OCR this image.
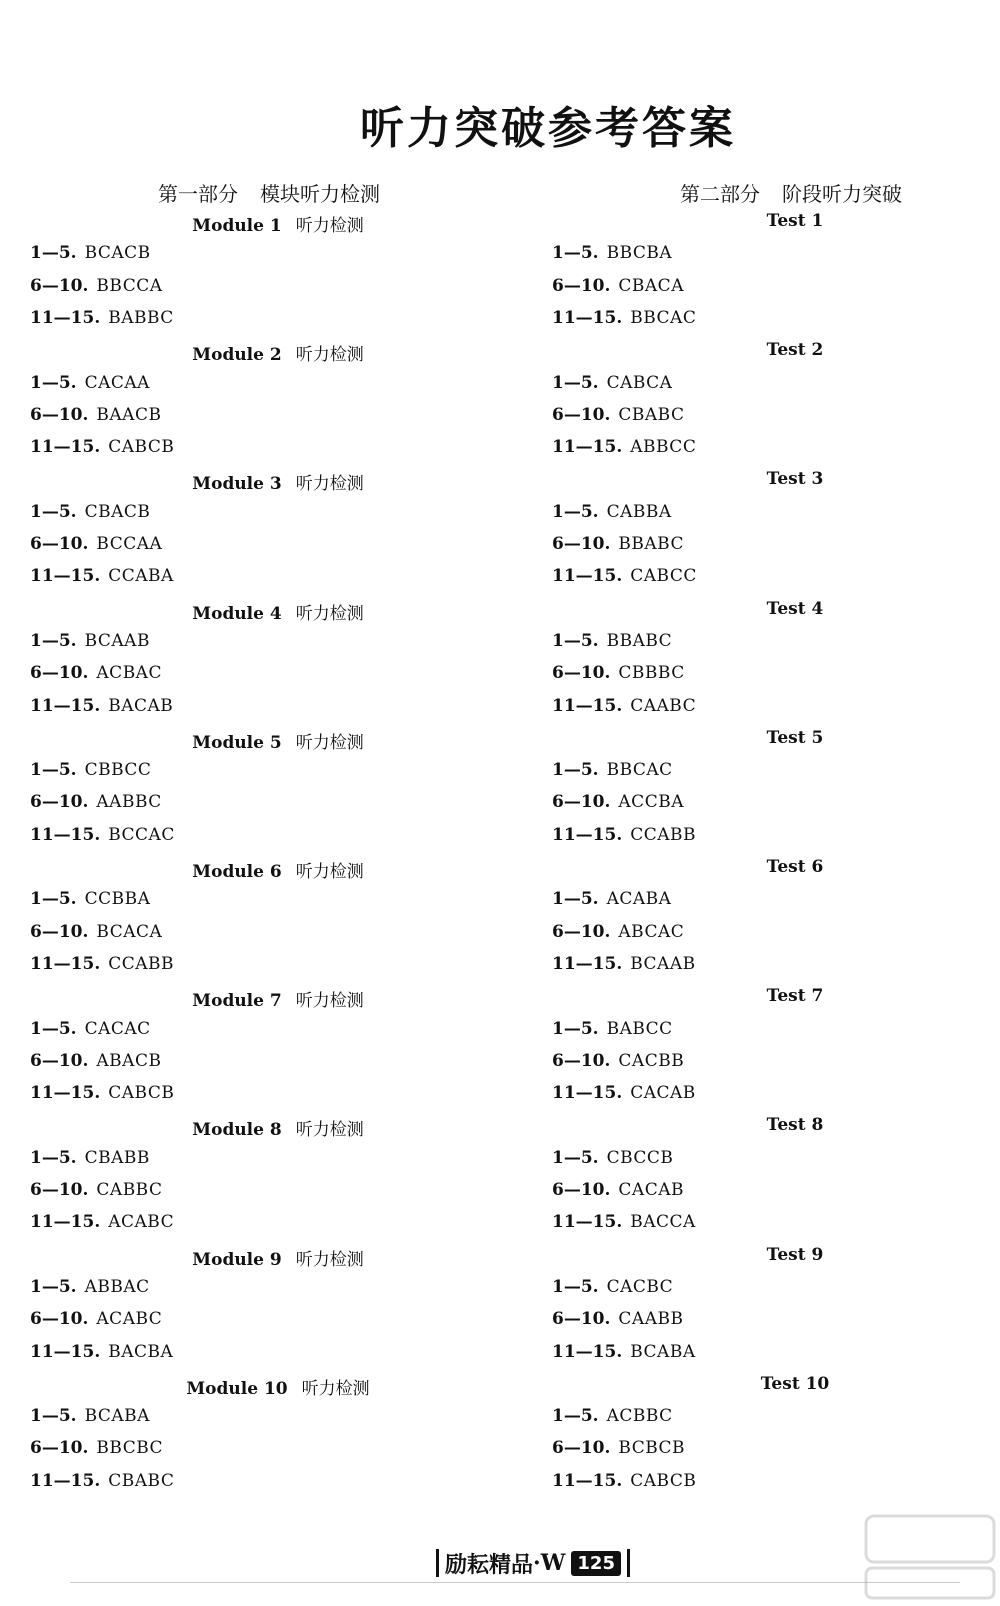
听力突破参考答案
第一部分 模块听力检测	第二部分 阶段听力突破
Module 1 听力检测
1—5. BCACB
6—10. BBCCA
11—15. BABBC
Module 2 听力检测
1—5. CACAA
6—10. BAACB
11—15. CABCB
Module 3 听力检测
1—5. CBACB
6—10. BCCAA
11—15. CCABA
Module 4 听力检测
1—5. BCAAB
6—10. ACBAC
11—15. BACAB
Module 5 听力检测
1—5. CBBCC
6—10. AABBC
11—15. BCCAC
Module 6 听力检测
1—5. CCBBA
6—10. BCACA
11—15. CCABB
Module 7 听力检测
1—5. CACAC
6—10. ABACB
11—15. CABCB
Module 8 听力检测
1—5. CBABB
6—10. CABBC
11—15. ACABC
Module 9 听力检测
1—5. ABBAC
6—10. ACABC
11—15. BACBA
Module 10 听力检测
1—5. BCABA
6—10. BBCBC
11—15. CBABC
Test 1
1—5. BBCBA
6—10. CBACA
11—15. BBCAC
Test 2
1—5. CABCA
6—10. CBABC
11—15. ABBCC
Test 3
1—5. CABBA
6—10. BBABC
11—15. CABCC
Test 4
1—5. BBABC
6—10. CBBBC
11—15. CAABC
Test 5
1—5. BBCAC
6—10. ACCBA
11—15. CCABB
Test 6
1—5. ACABA
6—10. ABCAC
11—15. BCAAB
Test 7
1—5. BABCC
6—10. CACBB
11—15. CACAB
Test 8
1—5. CBCCB
6—10. CACAB
11—15. BACCA
Test 9
1—5. CACBC
6—10. CAABB
11—15. BCABA
Test 10
1—5. ACBBC
6—10. BCBCB
11—15. CABCB
励耘精品 · W 125
